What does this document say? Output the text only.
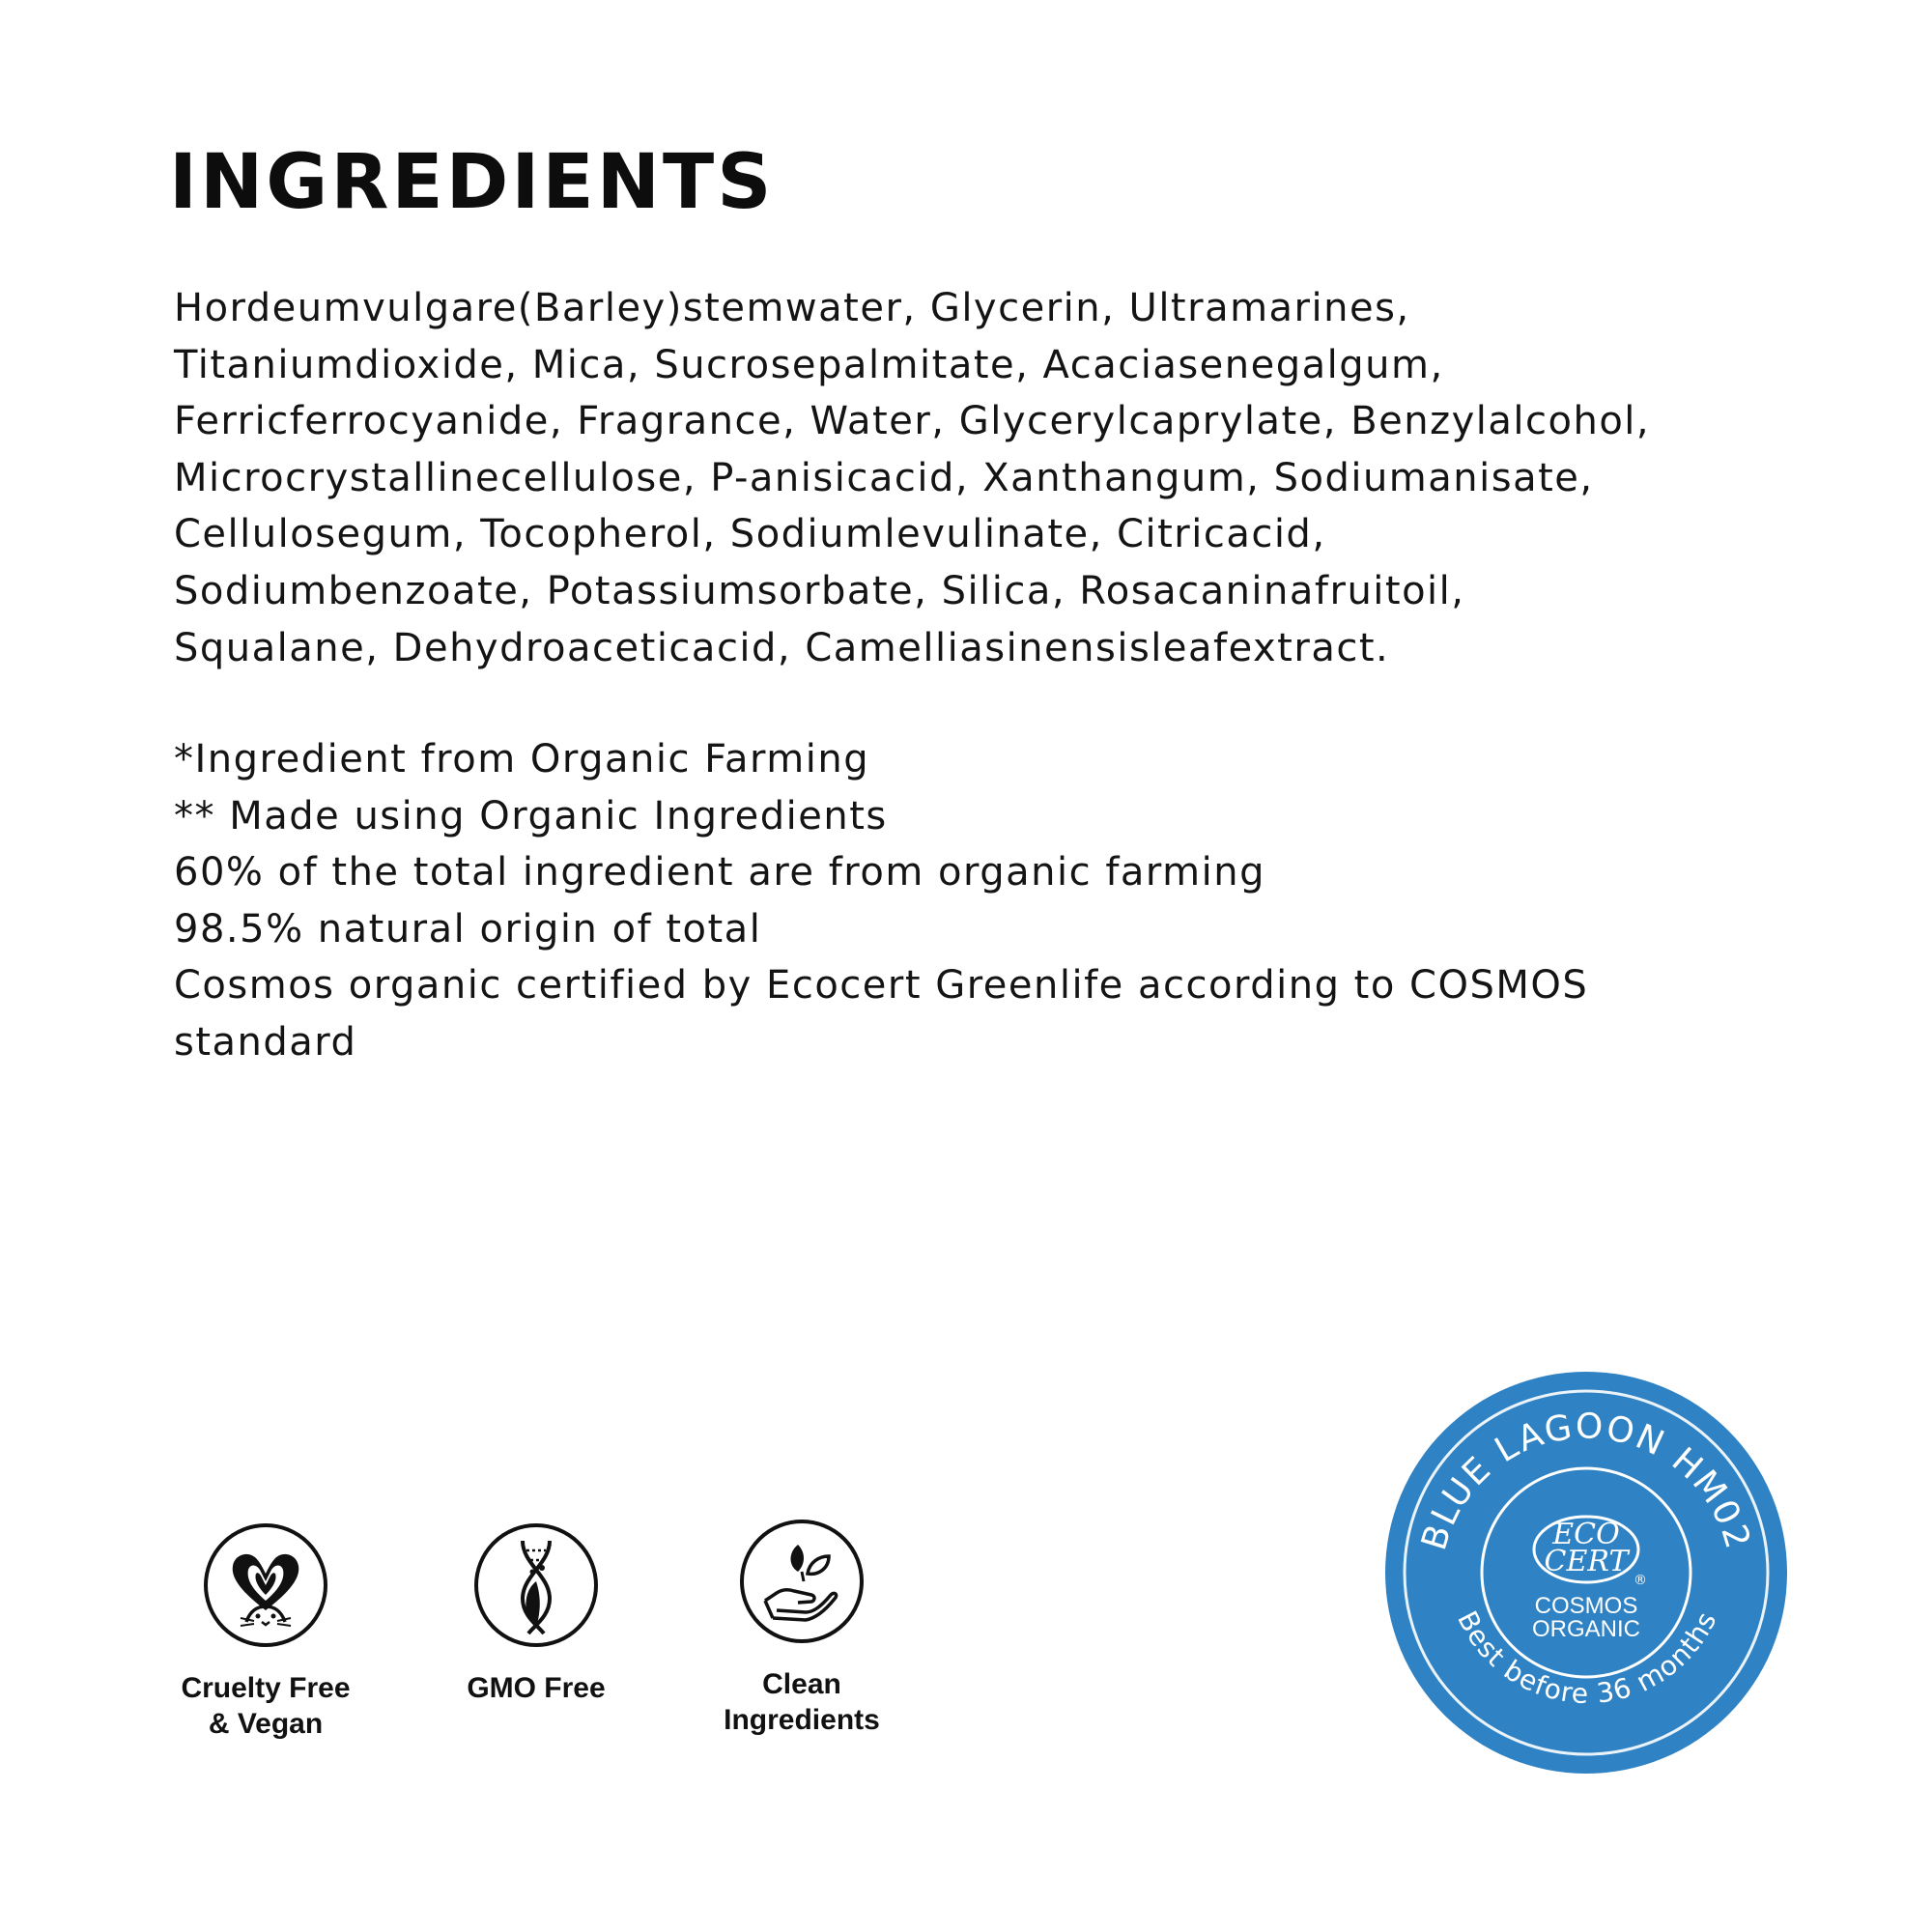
INGREDIENTS
Hordeumvulgare(Barley)stemwater, Glycerin, Ultramarines,
Titaniumdioxide, Mica, Sucrosepalmitate, Acaciasenegalgum,
Ferricferrocyanide, Fragrance, Water, Glycerylcaprylate, Benzylalcohol,
Microcrystallinecellulose, P-anisicacid, Xanthangum, Sodiumanisate,
Cellulosegum, Tocopherol, Sodiumlevulinate, Citricacid,
Sodiumbenzoate, Potassiumsorbate, Silica, Rosacaninafruitoil,
Squalane, Dehydroaceticacid, Camelliasinensisleafextract.
*Ingredient from Organic Farming
** Made using Organic Ingredients
60% of the total ingredient are from organic farming
98.5% natural origin of total
Cosmos organic certified by Ecocert Greenlife according to COSMOS
standard
Cruelty Free
& Vegan
GMO Free	Clean
Ingredients
BLUE LAGOON HM02
Best before 36 months
ECO
CERT
®
COSMOS
ORGANIC
